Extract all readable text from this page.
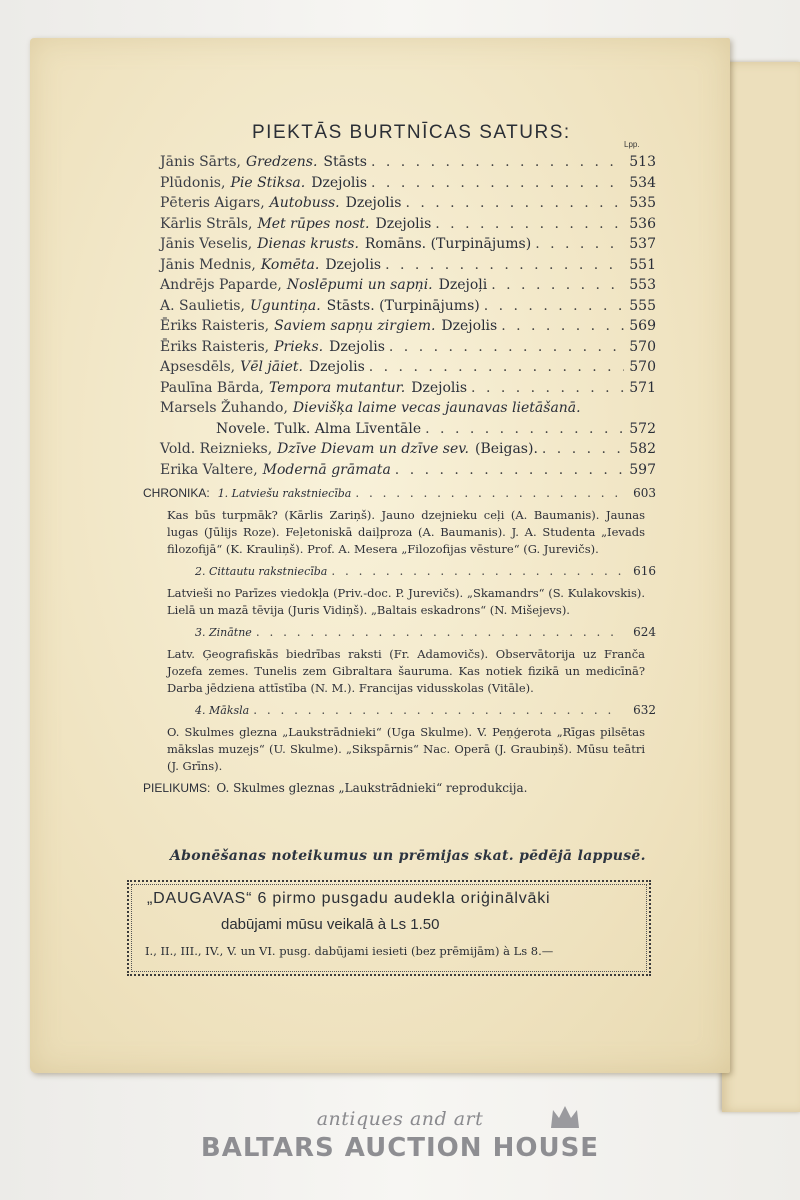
PIEKTĀS BURTNĪCAS SATURS:
Lpp.
Jānis Sārts, Gredzens. Stāsts . . .	513
Plūdonis, Pie Stiksa. Dzejolis . . .	534
Pēteris Aigars, Autobuss. Dzejolis . . .	535
Kārlis Strāls, Met rūpes nost. Dzejolis . . .	536
Jānis Veselis, Dienas krusts. Romāns. (Turpinājums) . . .	537
Jānis Mednis, Komēta. Dzejolis . . .	551
Andrējs Paparde, Noslēpumi un sapņi. Dzejoļi . . .	553
A. Saulietis, Uguntiņa. Stāsts. (Turpinājums) . . .	555
Ēriks Raisteris, Saviem sapņu zirgiem. Dzejolis . . .	569
Ēriks Raisteris, Prieks. Dzejolis . . .	570
Apsesdēls, Vēl jāiet. Dzejolis . . .	570
Paulīna Bārda, Tempora mutantur. Dzejolis . . .	571
Marsels Žuhando, Dievišķa laime vecas jaunavas lietāšanā.
Novele. Tulk. Alma Līventāle . . .	572
Vold. Reiznieks, Dzīve Dievam un dzīve sev. (Beigas). . . .	582
Erika Valtere, Modernā grāmata . . .	597
CHRONIKA: 1. Latviešu rakstniecība . . .	603
Kas būs turpmāk? (Kārlis Zariņš). Jauno dzejnieku ceļi (A. Baumanis). Jaunas lugas (Jūlijs Roze). Feļetoniskā daiļproza (A. Baumanis). J. A. Studenta „Ievads filozofijā“ (K. Krauliņš). Prof. A. Mesera „Filozofijas vēsture“ (G. Jurevičs).
2. Cittautu rakstniecība . . .	616
Latvieši no Parīzes viedokļa (Priv.-doc. P. Jurevičs). „Skamandrs“ (S. Kulakovskis). Lielā un mazā tēvija (Juris Vidiņš). „Baltais eskadrons“ (N. Mišejevs).
3. Zinātne . . .	624
Latv. Ģeografiskās biedrības raksti (Fr. Adamovičs). Observātorija uz Franča Jozefa zemes. Tunelis zem Gibraltara šauruma. Kas notiek fizikā un medicīnā? Darba jēdziena attīstība (N. M.). Francijas vidusskolas (Vitāle).
4. Māksla . . .	632
O. Skulmes glezna „Laukstrādnieki“ (Uga Skulme). V. Peņģerota „Rīgas pilsētas mākslas muzejs“ (U. Skulme). „Sikspārnis“ Nac. Operā (J. Graubiņš). Mūsu teātri (J. Grīns).
PIELIKUMS: O. Skulmes gleznas „Laukstrādnieki“ reprodukcija.
Abonēšanas noteikumus un prēmijas skat. pēdējā lappusē.
„DAUGAVAS“ 6 pirmo pusgadu audekla oriģinālvāki
dabūjami mūsu veikalā à Ls 1.50
I., II., III., IV., V. un VI. pusg. dabūjami iesieti (bez prēmijām) à Ls 8.—
antiques and art
BALTARS AUCTION HOUSE
